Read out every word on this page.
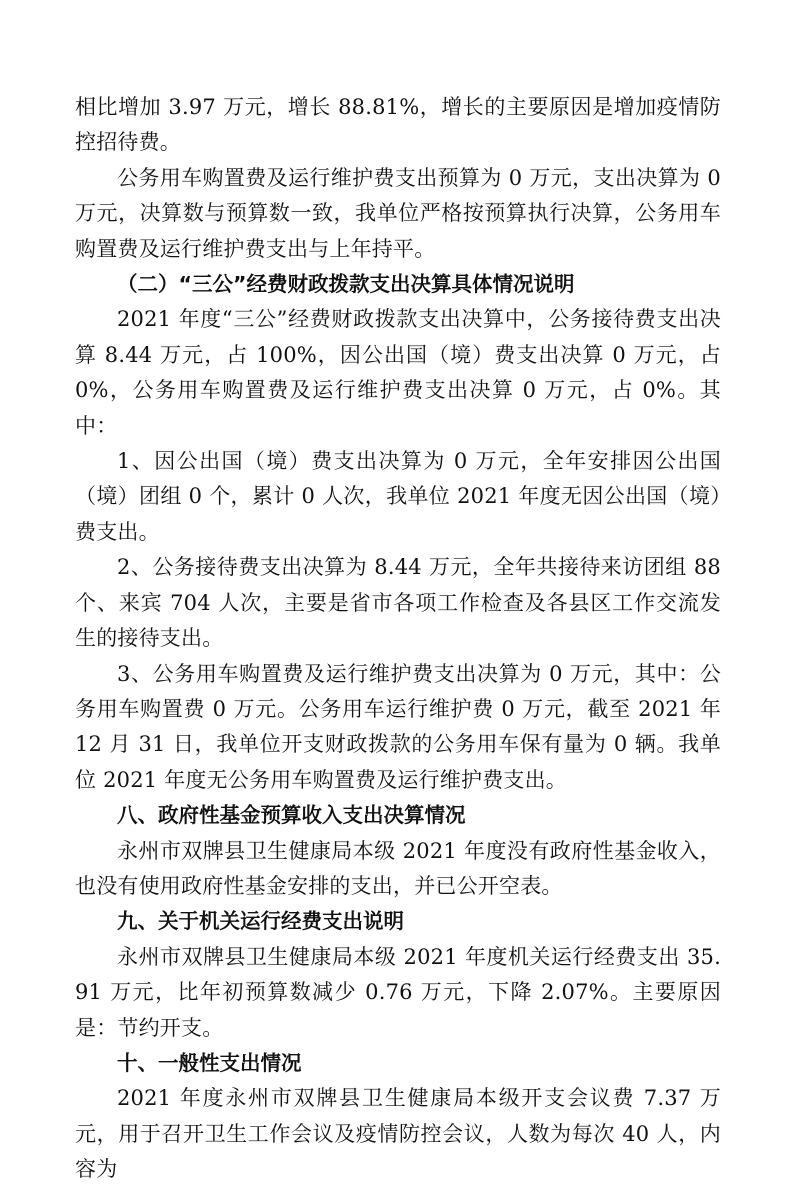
相比增加 3.97 万元，增长 88.81%，增长的主要原因是增加疫情防控招待费。

公务用车购置费及运行维护费支出预算为 0 万元，支出决算为 0 万元，决算数与预算数一致，我单位严格按预算执行决算，公务用车购置费及运行维护费支出与上年持平。

（二）“三公”经费财政拨款支出决算具体情况说明

2021 年度“三公”经费财政拨款支出决算中，公务接待费支出决算 8.44 万元，占 100%，因公出国（境）费支出决算 0 万元，占 0%，公务用车购置费及运行维护费支出决算 0 万元，占 0%。其中：

1、因公出国（境）费支出决算为 0 万元，全年安排因公出国（境）团组 0 个，累计 0 人次，我单位 2021 年度无因公出国（境）费支出。

2、公务接待费支出决算为 8.44 万元，全年共接待来访团组 88 个、来宾 704 人次，主要是省市各项工作检查及各县区工作交流发生的接待支出。

3、公务用车购置费及运行维护费支出决算为 0 万元，其中：公务用车购置费 0 万元。公务用车运行维护费 0 万元，截至 2021 年 12 月 31 日，我单位开支财政拨款的公务用车保有量为 0 辆。我单位 2021 年度无公务用车购置费及运行维护费支出。

八、政府性基金预算收入支出决算情况

永州市双牌县卫生健康局本级 2021 年度没有政府性基金收入，也没有使用政府性基金安排的支出，并已公开空表。

九、关于机关运行经费支出说明

永州市双牌县卫生健康局本级 2021 年度机关运行经费支出 35.91 万元，比年初预算数减少 0.76 万元，下降 2.07%。主要原因是：节约开支。

十、一般性支出情况

2021 年度永州市双牌县卫生健康局本级开支会议费 7.37 万元，用于召开卫生工作会议及疫情防控会议，人数为每次 40 人，内容为
